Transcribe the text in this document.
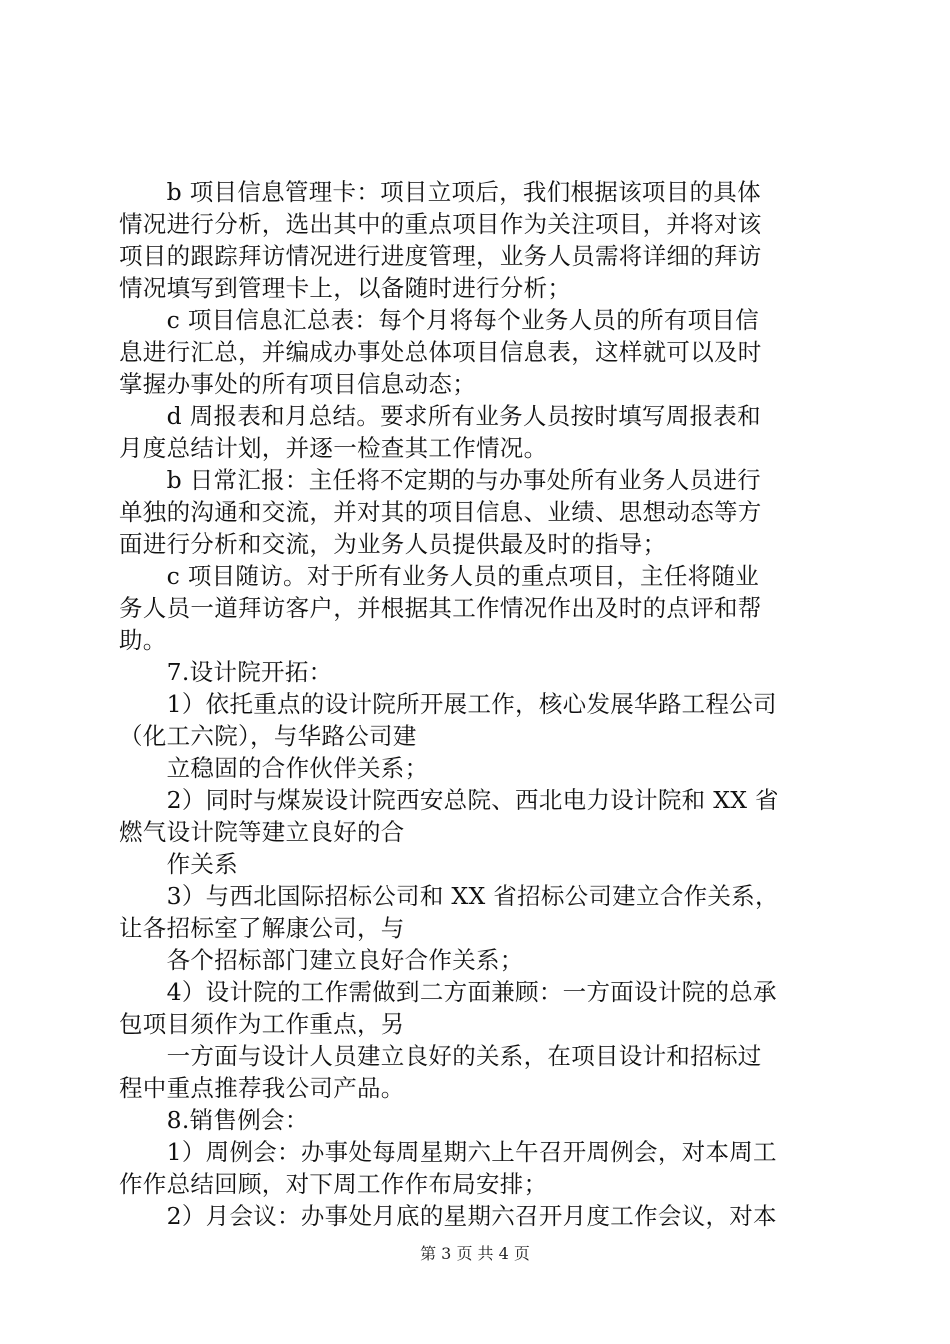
　　b 项目信息管理卡：项目立项后，我们根据该项目的具体
情况进行分析，选出其中的重点项目作为关注项目，并将对该
项目的跟踪拜访情况进行进度管理，业务人员需将详细的拜访
情况填写到管理卡上，以备随时进行分析；
　　c 项目信息汇总表：每个月将每个业务人员的所有项目信
息进行汇总，并编成办事处总体项目信息表，这样就可以及时
掌握办事处的所有项目信息动态；
　　d 周报表和月总结。要求所有业务人员按时填写周报表和
月度总结计划，并逐一检查其工作情况。
　　b 日常汇报：主任将不定期的与办事处所有业务人员进行
单独的沟通和交流，并对其的项目信息、业绩、思想动态等方
面进行分析和交流，为业务人员提供最及时的指导；
　　c 项目随访。对于所有业务人员的重点项目，主任将随业
务人员一道拜访客户，并根据其工作情况作出及时的点评和帮
助。
　　7.设计院开拓：
　　1）依托重点的设计院所开展工作，核心发展华路工程公司
（化工六院），与华路公司建
　　立稳固的合作伙伴关系；
　　2）同时与煤炭设计院西安总院、西北电力设计院和 XX 省
燃气设计院等建立良好的合
　　作关系
　　3）与西北国际招标公司和 XX 省招标公司建立合作关系，
让各招标室了解康公司，与
　　各个招标部门建立良好合作关系；
　　4）设计院的工作需做到二方面兼顾：一方面设计院的总承
包项目须作为工作重点，另
　　一方面与设计人员建立良好的关系，在项目设计和招标过
程中重点推荐我公司产品。
　　8.销售例会：
　　1）周例会：办事处每周星期六上午召开周例会，对本周工
作作总结回顾，对下周工作作布局安排；
　　2）月会议：办事处月底的星期六召开月度工作会议，对本
第 3 页 共 4 页
